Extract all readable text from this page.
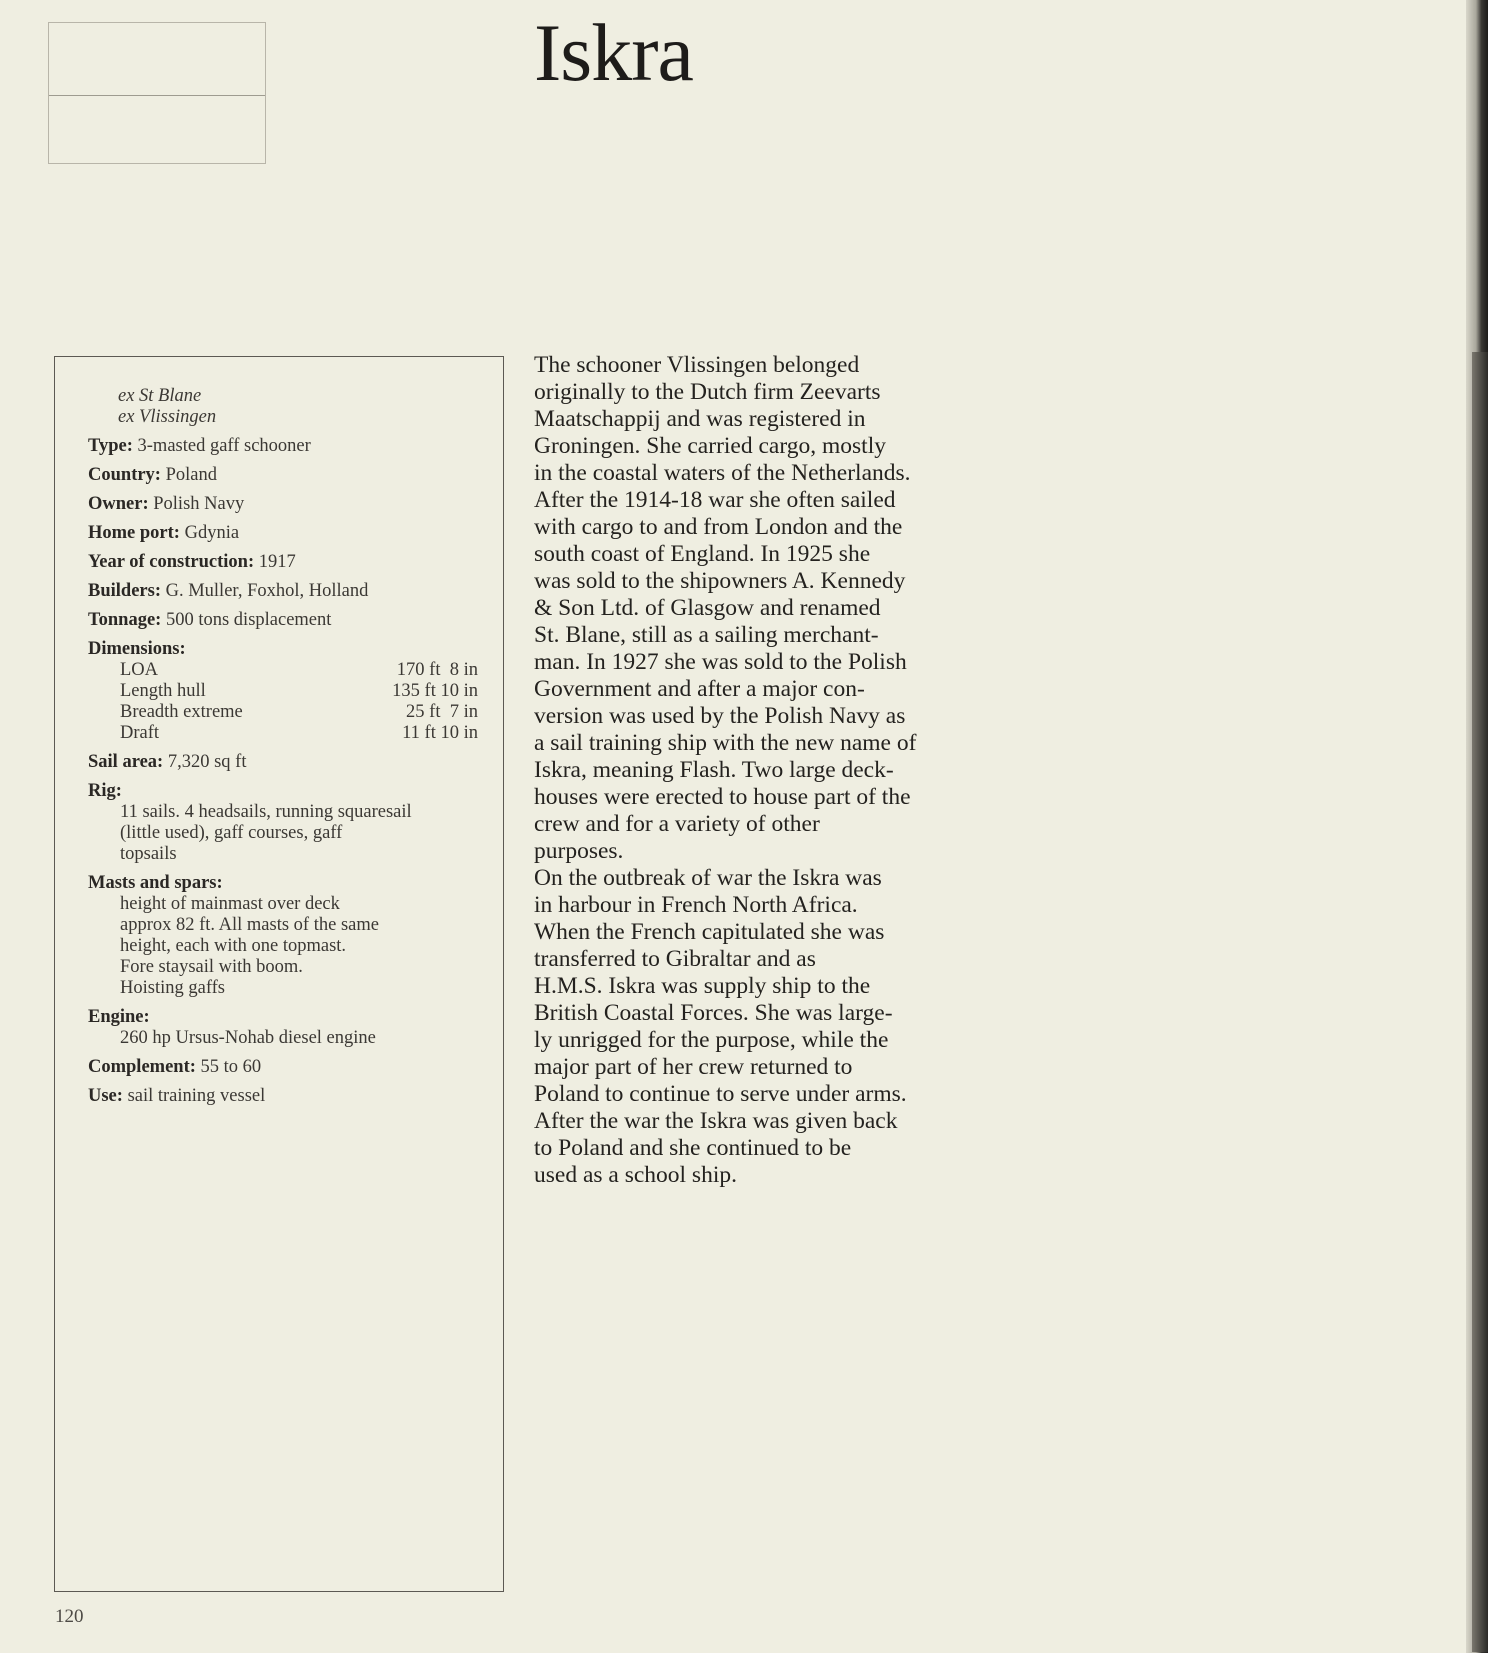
Iskra
ex St Blane
ex Vlissingen
Type: 3-masted gaff schooner
Country: Poland
Owner: Polish Navy
Home port: Gdynia
Year of construction: 1917
Builders: G. Muller, Foxhol, Holland
Tonnage: 500 tons displacement
Dimensions:
LOA	170 ft  8 in
Length hull	135 ft 10 in
Breadth extreme	25 ft  7 in
Draft	11 ft 10 in
Sail area: 7,320 sq ft
Rig:
11 sails. 4 headsails, running squaresail
(little used), gaff courses, gaff
topsails
Masts and spars:
height of mainmast over deck
approx 82 ft. All masts of the same
height, each with one topmast.
Fore staysail with boom.
Hoisting gaffs
Engine:
260 hp Ursus-Nohab diesel engine
Complement: 55 to 60
Use: sail training vessel

The schooner Vlissingen belonged
originally to the Dutch firm Zeevarts
Maatschappij and was registered in
Groningen. She carried cargo, mostly
in the coastal waters of the Netherlands.
After the 1914-18 war she often sailed
with cargo to and from London and the
south coast of England. In 1925 she
was sold to the shipowners A. Kennedy
& Son Ltd. of Glasgow and renamed
St. Blane, still as a sailing merchant-
man. In 1927 she was sold to the Polish
Government and after a major con-
version was used by the Polish Navy as
a sail training ship with the new name of
Iskra, meaning Flash. Two large deck-
houses were erected to house part of the
crew and for a variety of other
purposes.

On the outbreak of war the Iskra was
in harbour in French North Africa.
When the French capitulated she was
transferred to Gibraltar and as
H.M.S. Iskra was supply ship to the
British Coastal Forces. She was large-
ly unrigged for the purpose, while the
major part of her crew returned to
Poland to continue to serve under arms.
After the war the Iskra was given back
to Poland and she continued to be
used as a school ship.

120
